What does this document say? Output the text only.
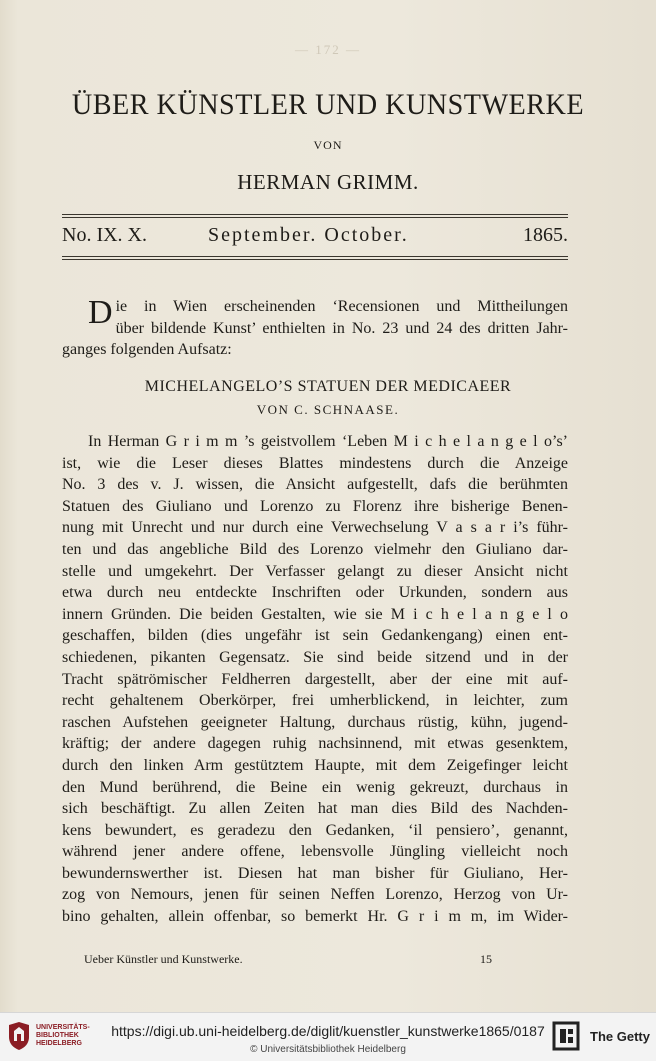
— 172 —
ÜBER KÜNSTLER UND KUNSTWERKE
VON
HERMAN GRIMM.
No. IX. X.	September. October.	1865.
Die in Wien erscheinenden ‘Recensionen und Mittheilungen
über bildende Kunst’ enthielten in No. 23 und 24 des dritten Jahr-
ganges folgenden Aufsatz:
MICHELANGELO’S STATUEN DER MEDICAEER
VON C. SCHNAASE.
In Herman G r i m m ’s geistvollem ‘Leben M i c h e l a n g e l o’s’
ist, wie die Leser dieses Blattes mindestens durch die Anzeige
No. 3 des v. J. wissen, die Ansicht aufgestellt, dafs die berühmten
Statuen des Giuliano und Lorenzo zu Florenz ihre bisherige Benen-
nung mit Unrecht und nur durch eine Verwechselung V a s a r i’s führ-
ten und das angebliche Bild des Lorenzo vielmehr den Giuliano dar-
stelle und umgekehrt. Der Verfasser gelangt zu dieser Ansicht nicht
etwa durch neu entdeckte Inschriften oder Urkunden, sondern aus
innern Gründen. Die beiden Gestalten, wie sie M i c h e l a n g e l o
geschaffen, bilden (dies ungefähr ist sein Gedankengang) einen ent-
schiedenen, pikanten Gegensatz. Sie sind beide sitzend und in der
Tracht spätrömischer Feldherren dargestellt, aber der eine mit auf-
recht gehaltenem Oberkörper, frei umherblickend, in leichter, zum
raschen Aufstehen geeigneter Haltung, durchaus rüstig, kühn, jugend-
kräftig; der andere dagegen ruhig nachsinnend, mit etwas gesenktem,
durch den linken Arm gestütztem Haupte, mit dem Zeigefinger leicht
den Mund berührend, die Beine ein wenig gekreuzt, durchaus in
sich beschäftigt. Zu allen Zeiten hat man dies Bild des Nachden-
kens bewundert, es geradezu den Gedanken, ‘il pensiero’, genannt,
während jener andere offene, lebensvolle Jüngling vielleicht noch
bewundernswerther ist. Diesen hat man bisher für Giuliano, Her-
zog von Nemours, jenen für seinen Neffen Lorenzo, Herzog von Ur-
bino gehalten, allein offenbar, so bemerkt Hr. G r i m m, im Wider-
Ueber Künstler und Kunstwerke.	15
UNIVERSITÄTS-
BIBLIOTHEK
HEIDELBERG
https://digi.ub.uni-heidelberg.de/diglit/kuenstler_kunstwerke1865/0187
© Universitätsbibliothek Heidelberg
The Getty
